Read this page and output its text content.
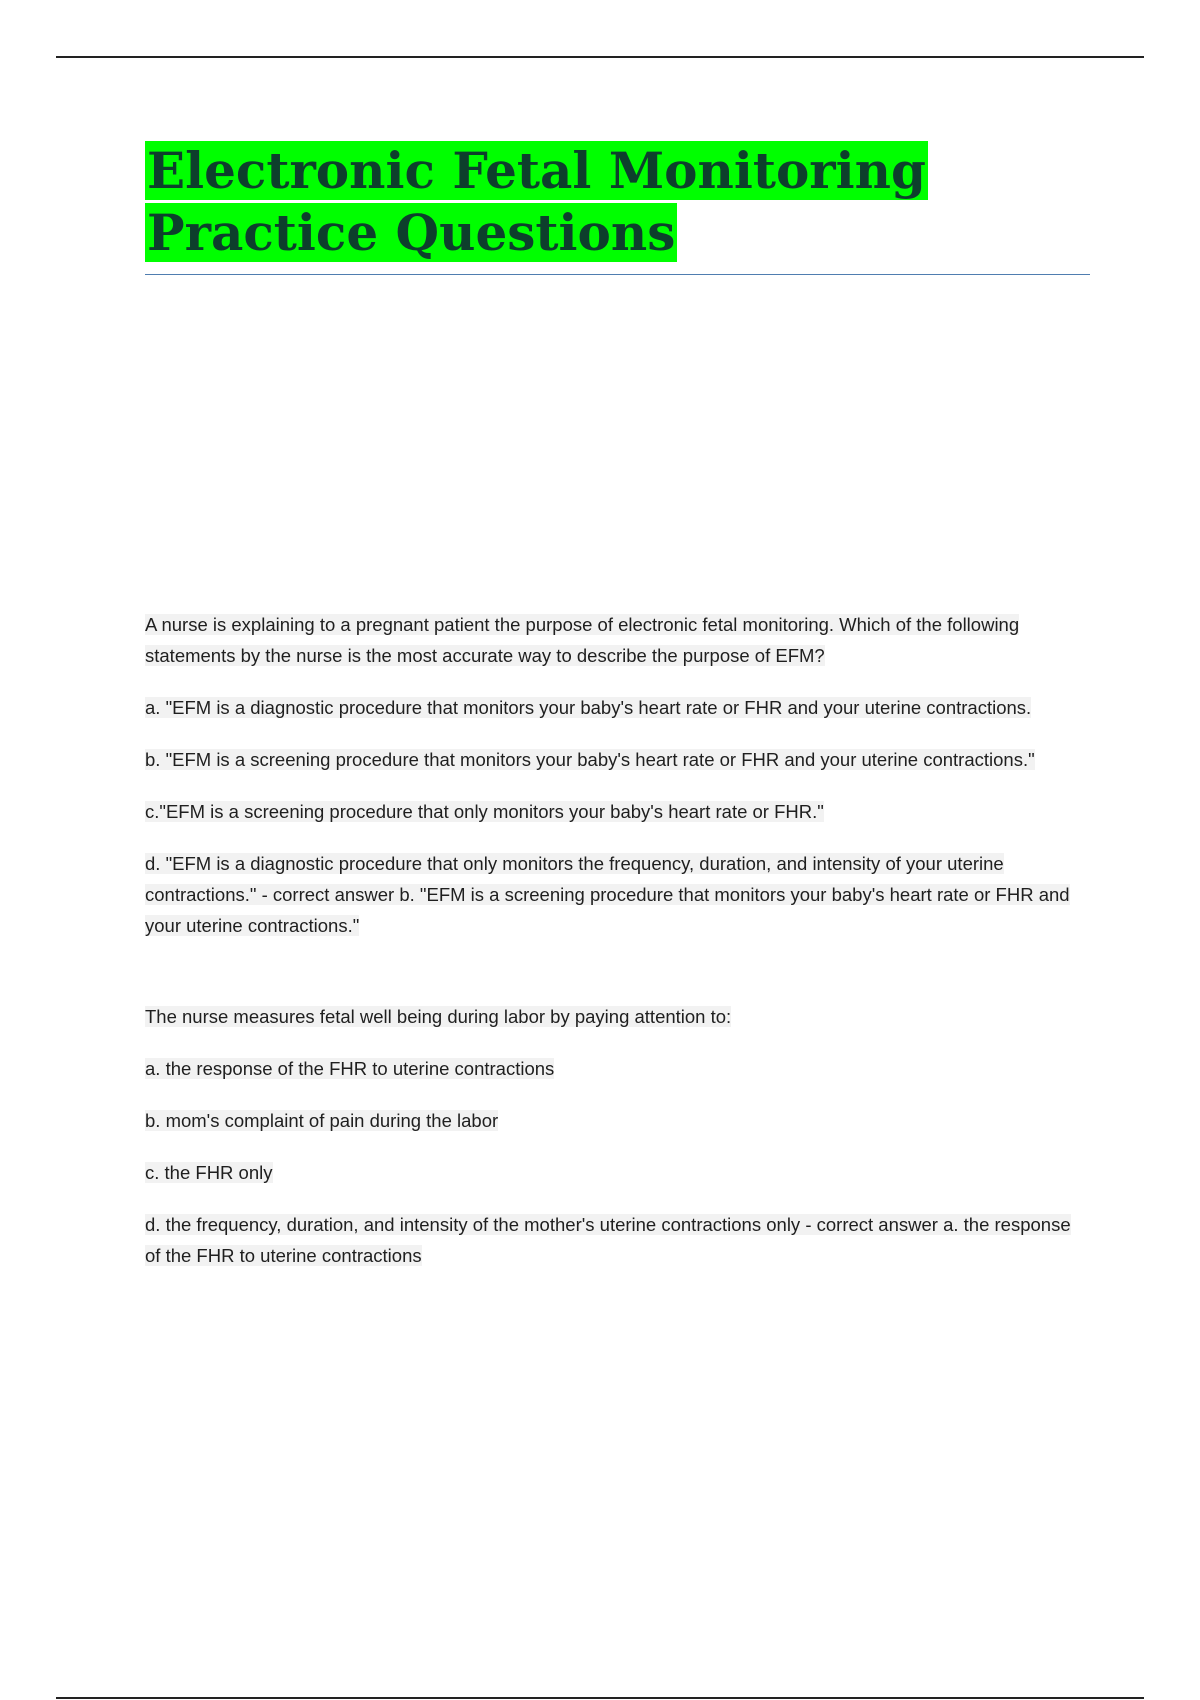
Electronic Fetal Monitoring Practice Questions

A nurse is explaining to a pregnant patient the purpose of electronic fetal monitoring. Which of the following statements by the nurse is the most accurate way to describe the purpose of EFM?

a. "EFM is a diagnostic procedure that monitors your baby's heart rate or FHR and your uterine contractions.

b. "EFM is a screening procedure that monitors your baby's heart rate or FHR and your uterine contractions."

c."EFM is a screening procedure that only monitors your baby's heart rate or FHR."

d. "EFM is a diagnostic procedure that only monitors the frequency, duration, and intensity of your uterine contractions." - correct answer b. "EFM is a screening procedure that monitors your baby's heart rate or FHR and your uterine contractions."

The nurse measures fetal well being during labor by paying attention to:

a. the response of the FHR to uterine contractions

b. mom's complaint of pain during the labor

c. the FHR only

d. the frequency, duration, and intensity of the mother's uterine contractions only - correct answer a. the response of the FHR to uterine contractions
